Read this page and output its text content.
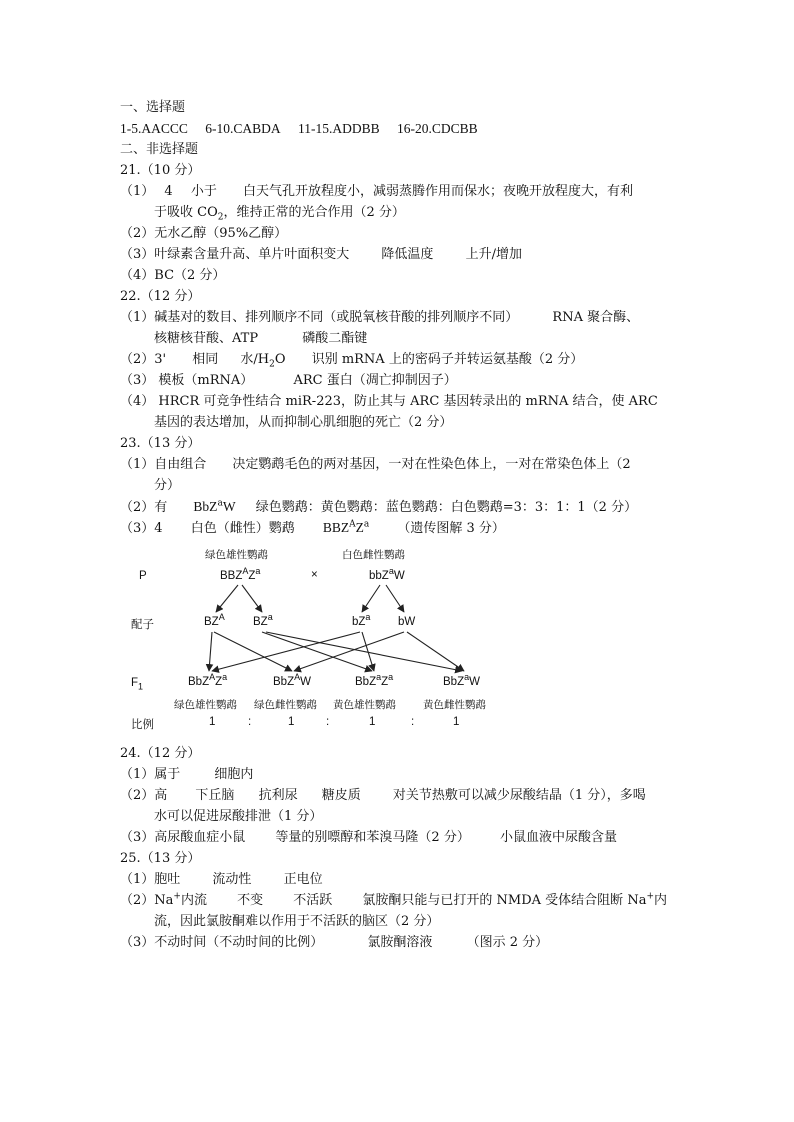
一、选择题
1-5.AACCC 6-10.CABDA 11-15.ADDBB 16-20.CDCBB
二、非选择题
21.（10 分）
（1） 4 小于 白天气孔开放程度小，减弱蒸腾作用而保水；夜晚开放程度大，有利
于吸收 $CO_2$，维持正常的光合作用（2 分）
（2）无水乙醇（95%乙醇）
（3）叶绿素含量升高、单片叶面积变大 降低温度 上升/增加
（4）BC（2 分）
22.（12 分）
（1）碱基对的数目、排列顺序不同（或脱氧核苷酸的排列顺序不同）	RNA 聚合酶、
核糖核苷酸、ATP	磷酸二酯键
（2）3' 相同 水$/H_2O$ 识别 mRNA 上的密码子并转运氨基酸（2 分）
（3） 模板（mRNA）	ARC 蛋白（凋亡抑制因子）
（4） HRCR 可竞争性结合 miR-223，防止其与 ARC 基因转录出的 mRNA 结合，使 ARC
基因的表达增加，从而抑制心肌细胞的死亡（2 分）
23.（13 分）
（1）自由组合 决定鹦鹉毛色的两对基因，一对在性染色体上，一对在常染色体上（2
分）
（2）有 BbZ$^a$W 绿色鹦鹉：黄色鹦鹉：蓝色鹦鹉：白色鹦鹉=3：3：1：1（2 分）
（3）4 白色（雌性）鹦鹉 $BBZ^AZ^a$ （遗传图解 3 分）
绿色雄性鹦鹉	白色雌性鹦鹉
P	$BBZ^AZ^a$	×	bbZ$^a$W
配子	$BZ^A$ $BZ^a$	$bZ^a$ bW
$F_1$	$BbZ^AZ^a$	BbZ$^A$W	$BbZ^aZ^a$	BbZ$^a$W
绿色雄性鹦鹉 绿色雌性鹦鹉 黄色雄性鹦鹉	黄色雌性鹦鹉
比例	1	:	1	:	1	:	1
24.（12 分）
（1）属于	细胞内
（2）高 下丘脑 抗利尿 糖皮质 对关节热敷可以减少尿酸结晶（1 分），多喝
水可以促进尿酸排泄（1 分）
（3）高尿酸血症小鼠 等量的别嘌醇和苯溴马隆（2 分） 小鼠血液中尿酸含量
25.（13 分）
（1）胞吐 流动性 正电位
（2）Na+内流 不变 不活跃 氯胺酮只能与已打开的 NMDA 受体结合阻断 Na+内
流，因此氯胺酮难以作用于不活跃的脑区（2 分）
（3）不动时间（不动时间的比例）	氯胺酮溶液	（图示 2 分）
